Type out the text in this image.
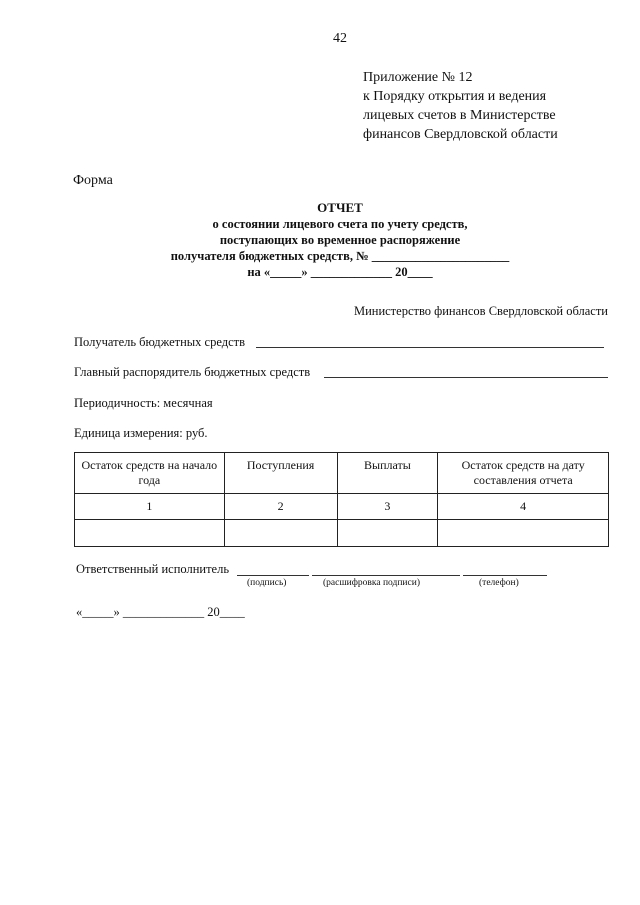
42
Приложение № 12
к Порядку открытия и ведения
лицевых счетов в Министерстве
финансов Свердловской области
Форма
ОТЧЕТ
о состоянии лицевого счета по учету средств,
поступающих во временное распоряжение
получателя бюджетных средств, № ______________________
на «_____» _____________ 20____
Министерство финансов Свердловской области
Получатель бюджетных средств
Главный распорядитель бюджетных средств
Периодичность: месячная
Единица измерения: руб.
Остаток средств на начало года	Поступления	Выплаты	Остаток средств на дату составления отчета
1	2	3	4

Ответственный исполнитель
(подпись)	(расшифровка подписи)	(телефон)
«_____» _____________ 20____
